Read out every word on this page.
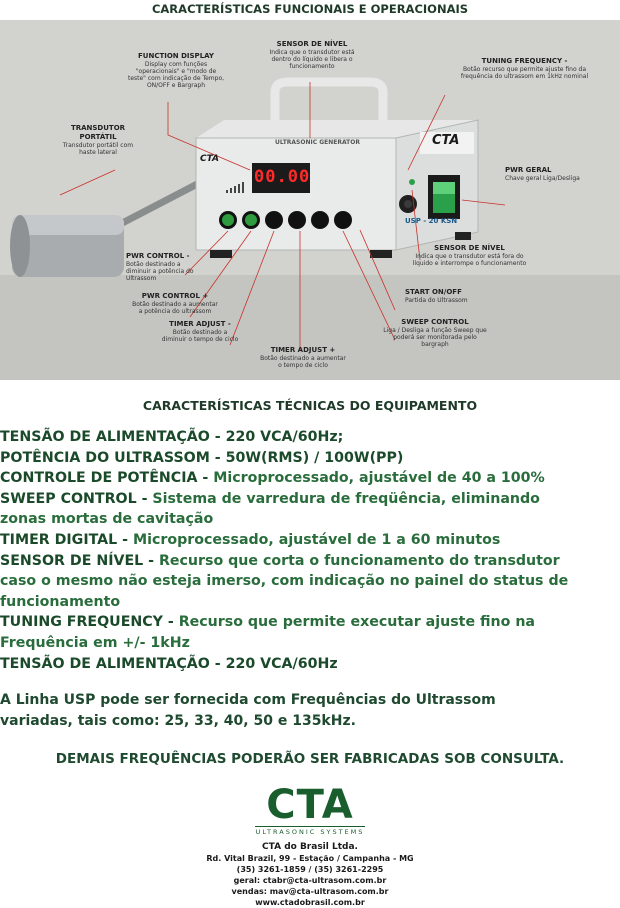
CARACTERÍSTICAS FUNCIONAIS E OPERACIONAIS
ULTRASONIC GENERATOR
00.00
USP - 20 KSN
CTA
CTA
FUNCTION DISPLAY
Display com funções "operacionais" e "modo de teste" com indicação de Tempo, ON/OFF e Bargraph
SENSOR DE NÍVEL
Indica que o transdutor está dentro do líquido e libera o funcionamento
TUNING FREQUENCY -
Botão recurso que permite ajuste fino da frequência do ultrassom em 1kHz nominal
TRANSDUTOR PORTÁTIL
Transdutor portátil com haste lateral
PWR GERAL
Chave geral Liga/Desliga
SENSOR DE NÍVEL
Indica que o transdutor está fora do líquido e interrompe o funcionamento
PWR CONTROL -
Botão destinado a diminuir a potência do Ultrassom
START ON/OFF
Partida do Ultrassom
PWR CONTROL +
Botão destinado a aumentar a potência do ultrassom
SWEEP CONTROL
Liga / Desliga a função Sweep que poderá ser monitorada pelo bargraph
TIMER ADJUST -
Botão destinado a diminuir o tempo de ciclo
TIMER ADJUST +
Botão destinado a aumentar o tempo de ciclo
CARACTERÍSTICAS TÉCNICAS DO EQUIPAMENTO
TENSÃO DE ALIMENTAÇÃO - 220 VCA/60Hz;
POTÊNCIA DO ULTRASSOM - 50W(RMS) / 100W(PP)
CONTROLE DE POTÊNCIA - Microprocessado, ajustável de 40 a 100%
SWEEP CONTROL - Sistema de varredura de freqüência, eliminando
zonas mortas de cavitação
TIMER DIGITAL - Microprocessado, ajustável de 1 a 60 minutos
SENSOR DE NÍVEL - Recurso que corta o funcionamento do transdutor
caso o mesmo não esteja imerso, com indicação no painel do status de
funcionamento
TUNING FREQUENCY - Recurso que permite executar ajuste fino na
Frequência em +/- 1kHz
TENSÃO DE ALIMENTAÇÃO - 220 VCA/60Hz
A Linha USP pode ser fornecida com Frequências do Ultrassom
variadas, tais como: 25, 33, 40, 50 e 135kHz.
DEMAIS FREQUÊNCIAS PODERÃO SER FABRICADAS SOB CONSULTA.
CTA
ULTRASONIC SYSTEMS
CTA do Brasil Ltda.
Rd. Vital Brazil, 99 - Estação / Campanha - MG
(35) 3261-1859 / (35) 3261-2295
geral: ctabr@cta-ultrasom.com.br
vendas: mav@cta-ultrasom.com.br
www.ctadobrasil.com.br
